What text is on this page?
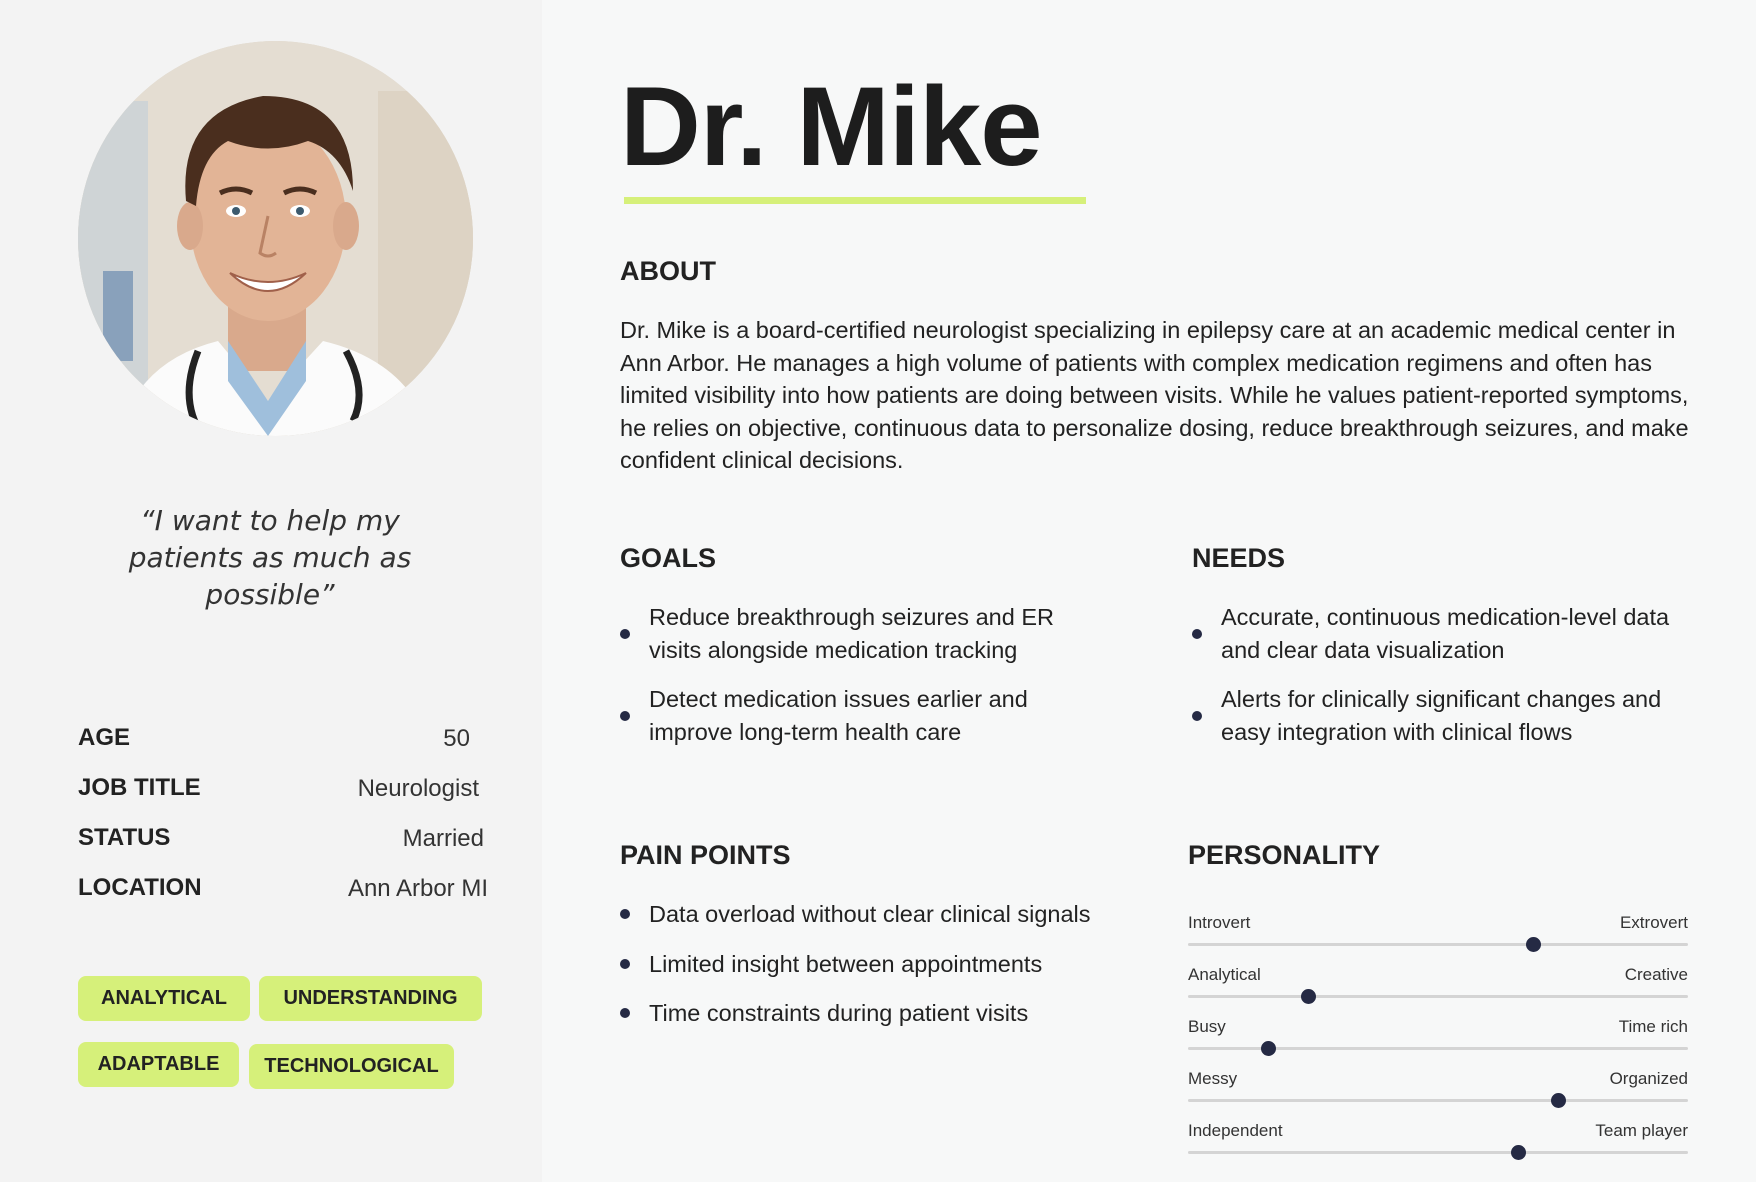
“I want to help my patients as much as possible”
AGE	50
JOB TITLE	Neurologist
STATUS	Married
LOCATION	Ann Arbor MI
ANALYTICAL	UNDERSTANDING
ADAPTABLE	TECHNOLOGICAL
Dr. Mike
ABOUT
Dr. Mike is a board-certified neurologist specializing in epilepsy care at an academic medical center in Ann Arbor. He manages a high volume of patients with complex medication regimens and often has limited visibility into how patients are doing between visits. While he values patient-reported symptoms, he relies on objective, continuous data to personalize dosing, reduce breakthrough seizures, and make confident clinical decisions.
GOALS
Reduce breakthrough seizures and ER visits alongside medication tracking
Detect medication issues earlier and improve long-term health care
NEEDS
Accurate, continuous medication-level data and clear data visualization
Alerts for clinically significant changes and easy integration with clinical flows
PAIN POINTS
Data overload without clear clinical signals
Limited insight between appointments
Time constraints during patient visits
PERSONALITY
Introvert	Extrovert
Analytical	Creative
Busy	Time rich
Messy	Organized
Independent	Team player
